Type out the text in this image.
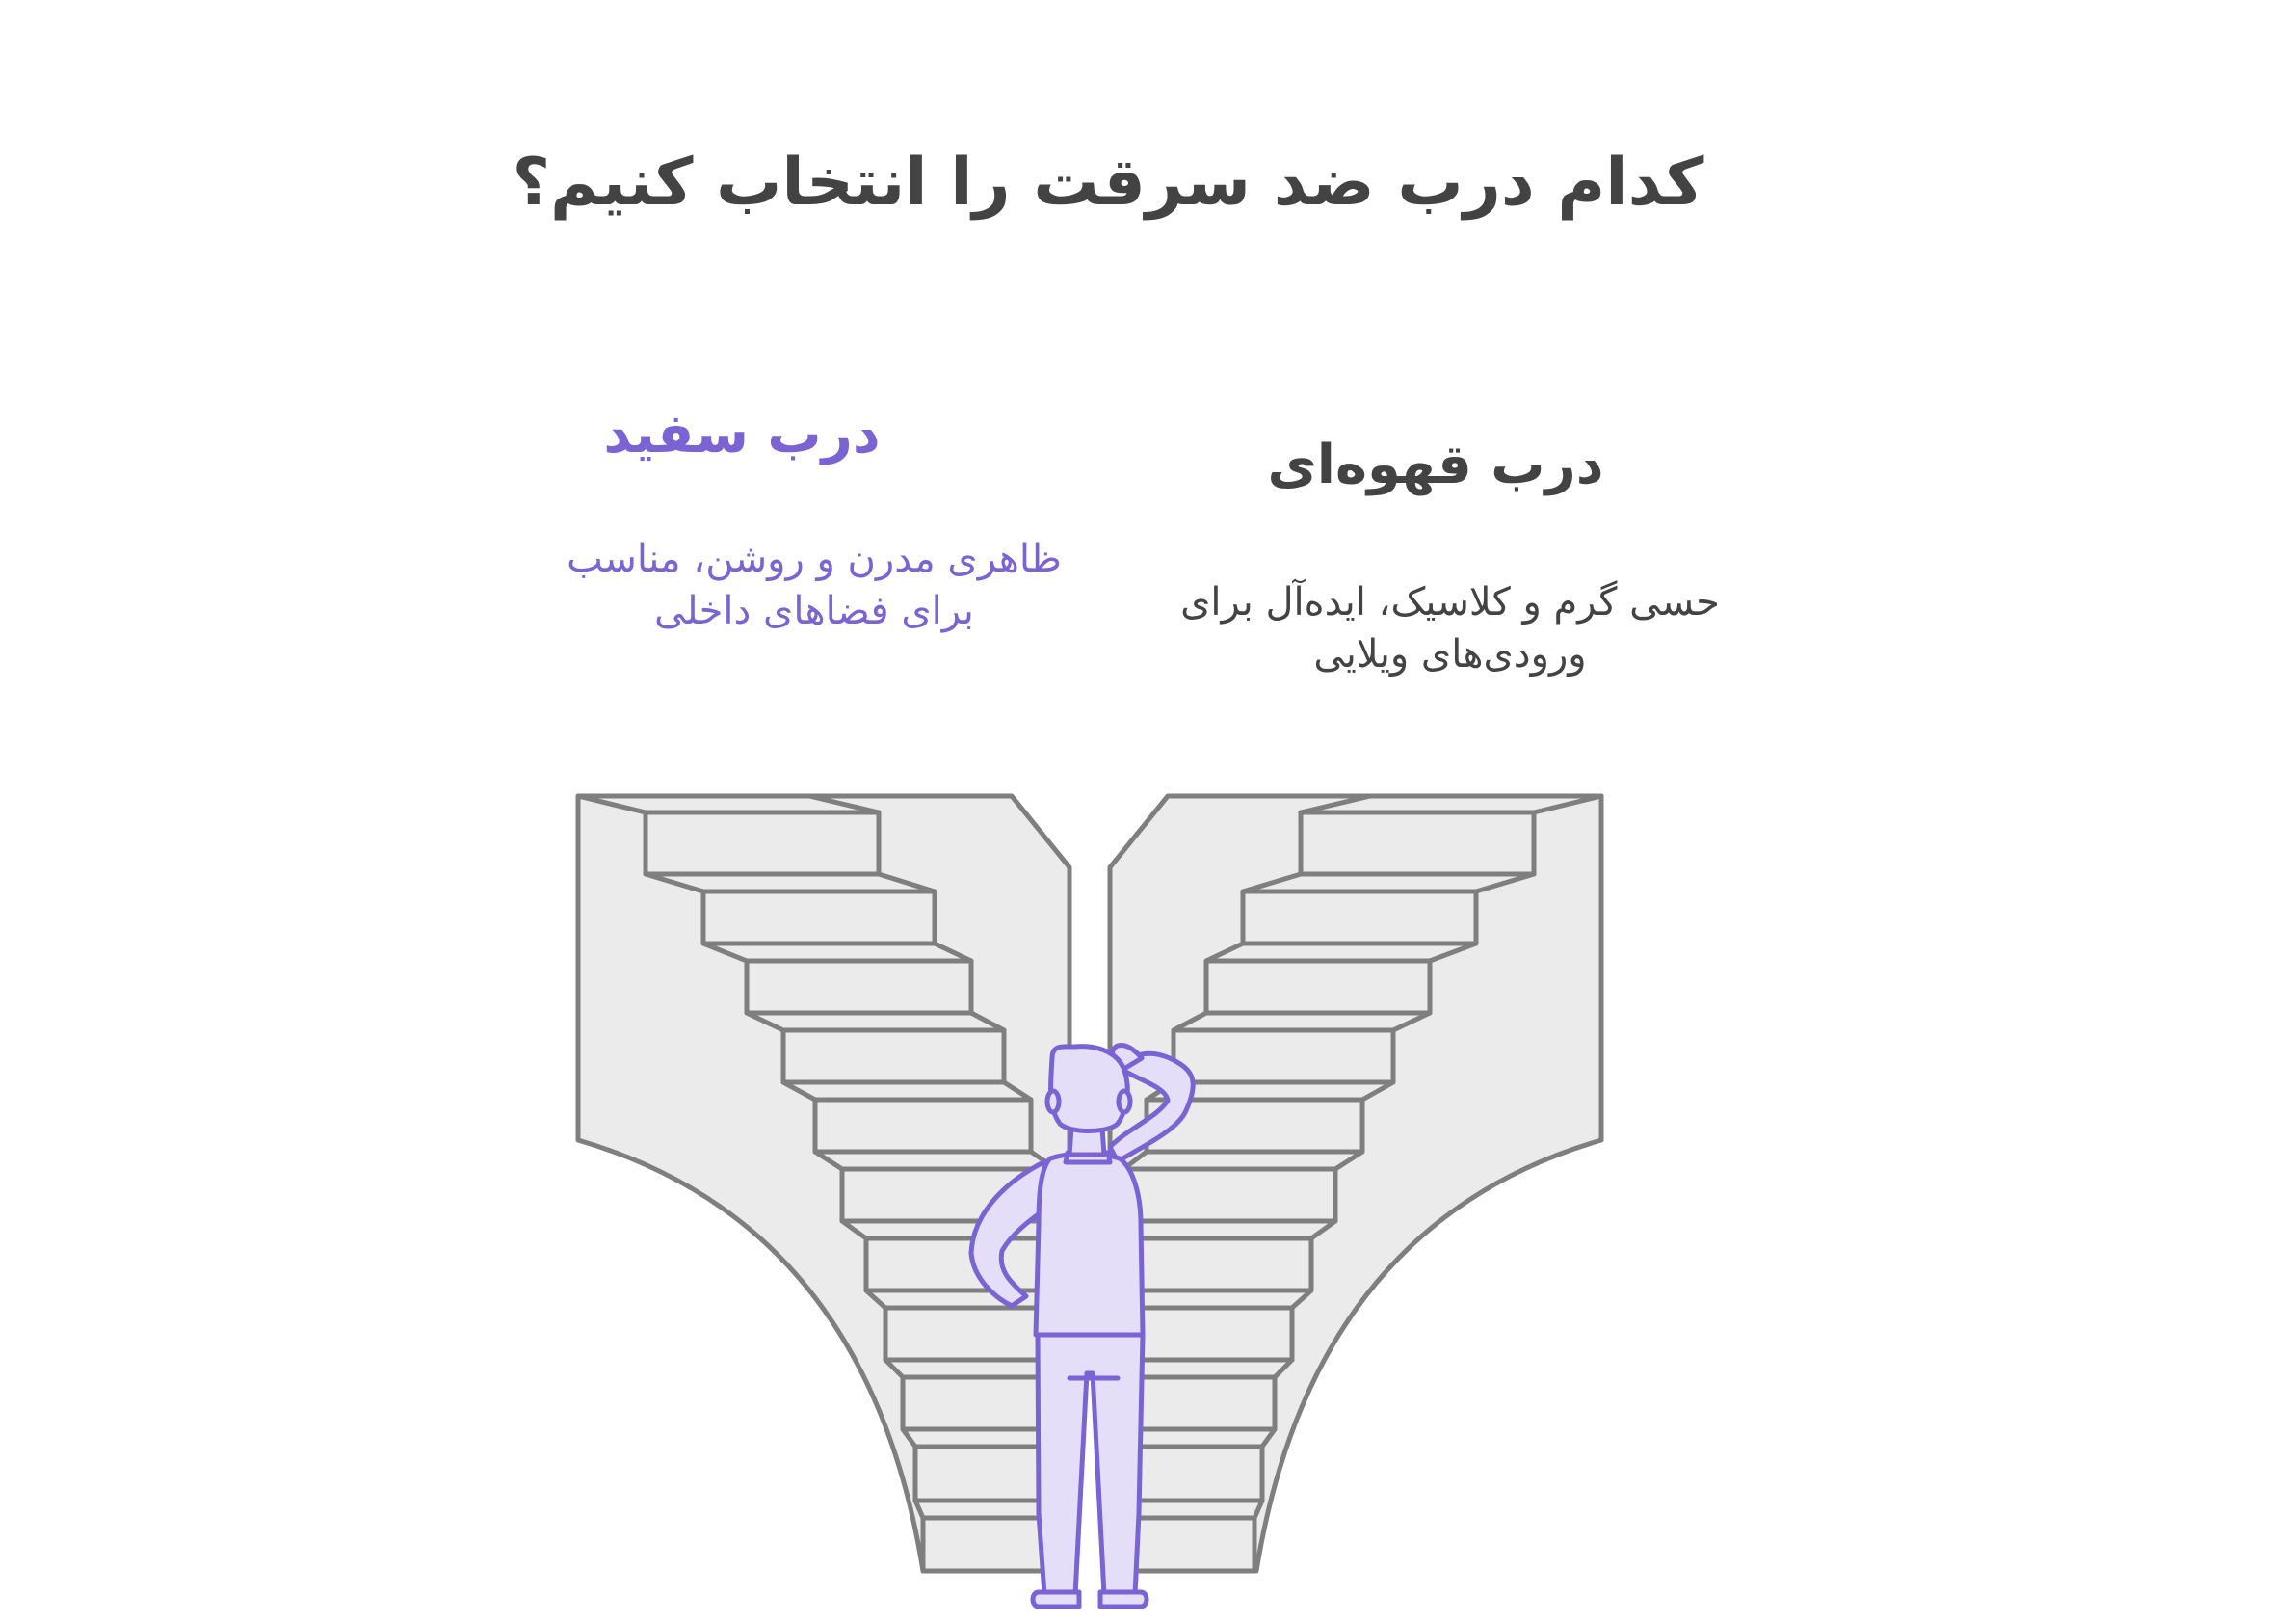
کدام درب ضد سرقت را انتخاب کنیم؟
درب سفید
ظاهری مدرن و روشن، مناسب برای فضاهای داخلی
درب قهوه‌ای
حسی گرم و کلاسیک، ایده‌آل برای ورودی‌های ویلایی
